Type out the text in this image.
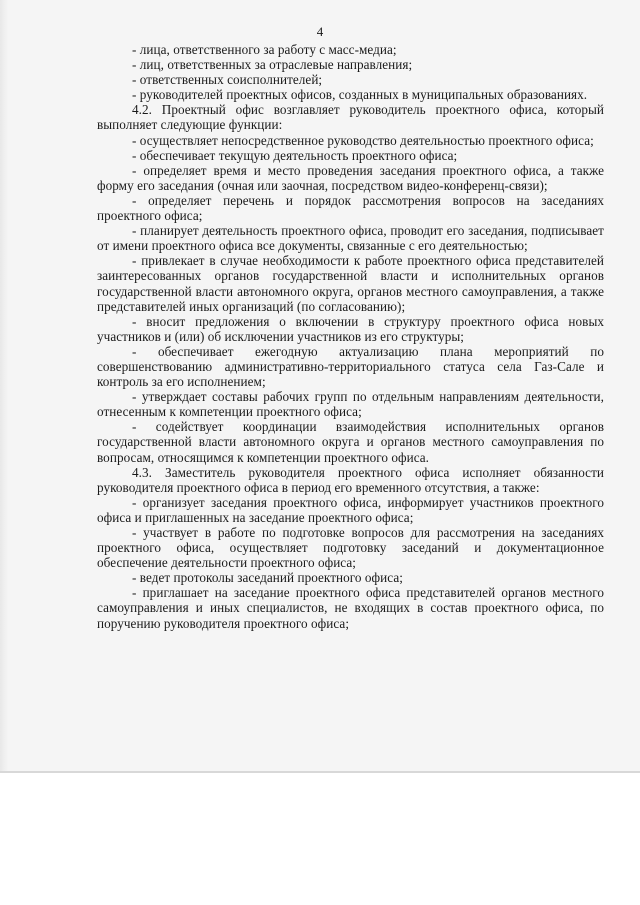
4

- лица, ответственного за работу с масс-медиа;

- лиц, ответственных за отраслевые направления;

- ответственных соисполнителей;

- руководителей проектных офисов, созданных в муниципальных образованиях.

4.2. Проектный офис возглавляет руководитель проектного офиса, который выполняет следующие функции:

- осуществляет непосредственное руководство деятельностью проектного офиса;

- обеспечивает текущую деятельность проектного офиса;

- определяет время и место проведения заседания проектного офиса, а также форму его заседания (очная или заочная, посредством видео-конференц-связи);

- определяет перечень и порядок рассмотрения вопросов на заседаниях проектного офиса;

- планирует деятельность проектного офиса, проводит его заседания, подписывает от имени проектного офиса все документы, связанные с его деятельностью;

- привлекает в случае необходимости к работе проектного офиса представителей заинтересованных органов государственной власти и исполнительных органов государственной власти автономного округа, органов местного самоуправления, а также представителей иных организаций (по согласованию);

- вносит предложения о включении в структуру проектного офиса новых участников и (или) об исключении участников из его структуры;

- обеспечивает ежегодную актуализацию плана мероприятий по совершенствованию административно-территориального статуса села Газ-Сале и контроль за его исполнением;

- утверждает составы рабочих групп по отдельным направлениям деятельности, отнесенным к компетенции проектного офиса;

- содействует координации взаимодействия исполнительных органов государственной власти автономного округа и органов местного самоуправления по вопросам, относящимся к компетенции проектного офиса.

4.3. Заместитель руководителя проектного офиса исполняет обязанности руководителя проектного офиса в период его временного отсутствия, а также:

- организует заседания проектного офиса, информирует участников проектного офиса и приглашенных на заседание проектного офиса;

- участвует в работе по подготовке вопросов для рассмотрения на заседаниях проектного офиса, осуществляет подготовку заседаний и документационное обеспечение деятельности проектного офиса;

- ведет протоколы заседаний проектного офиса;

- приглашает на заседание проектного офиса представителей органов местного самоуправления и иных специалистов, не входящих в состав проектного офиса, по поручению руководителя проектного офиса;
